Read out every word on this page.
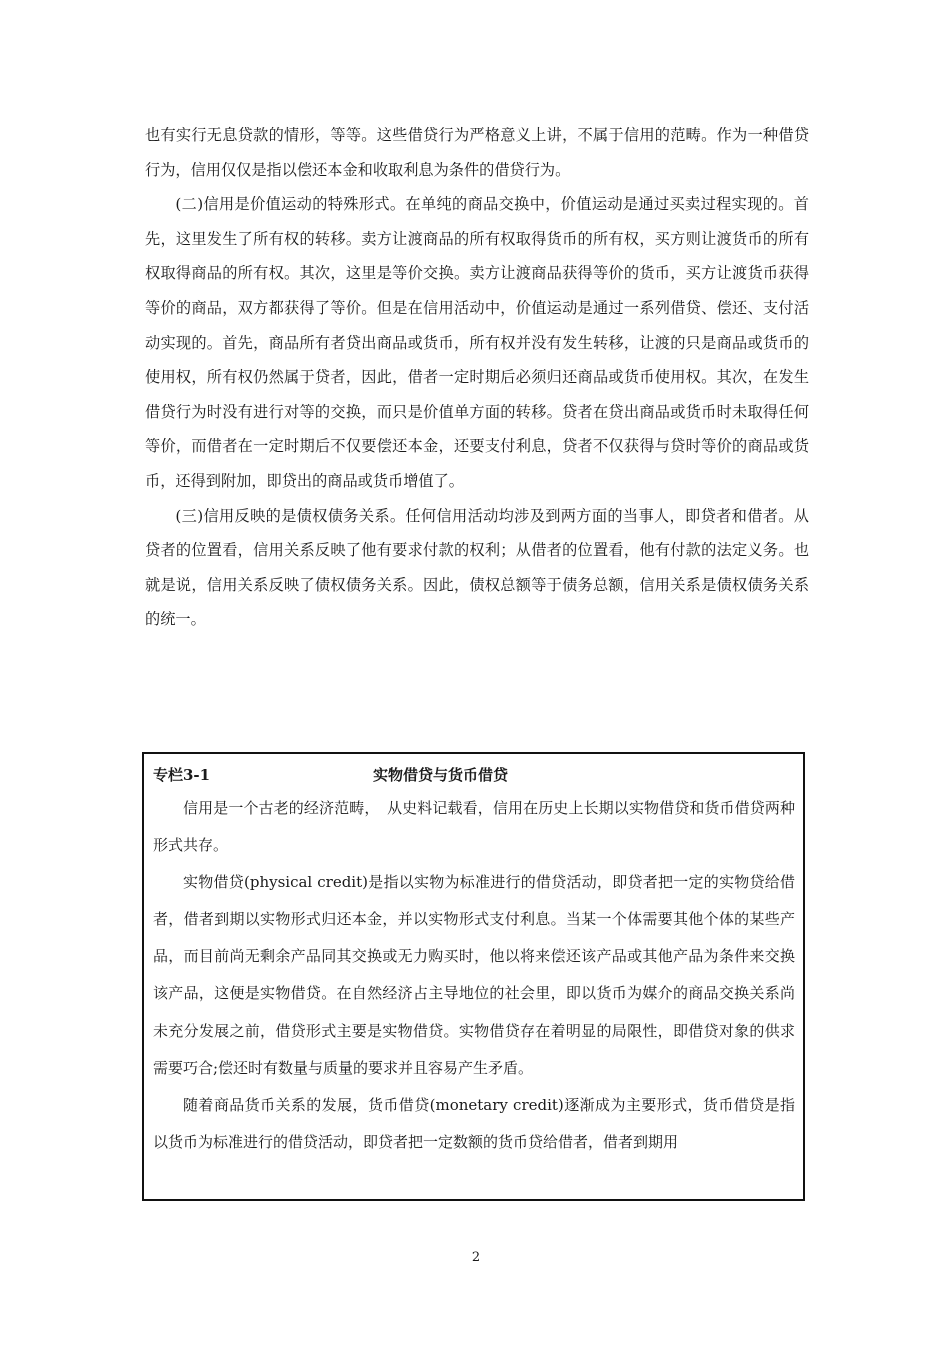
也有实行无息贷款的情形，等等。这些借贷行为严格意义上讲，不属于信用的范畴。作为一种借贷行为，信用仅仅是指以偿还本金和收取利息为条件的借贷行为。

(二)信用是价值运动的特殊形式。在单纯的商品交换中，价值运动是通过买卖过程实现的。首先，这里发生了所有权的转移。卖方让渡商品的所有权取得货币的所有权，买方则让渡货币的所有权取得商品的所有权。其次，这里是等价交换。卖方让渡商品获得等价的货币，买方让渡货币获得等价的商品，双方都获得了等价。但是在信用活动中，价值运动是通过一系列借贷、偿还、支付活动实现的。首先，商品所有者贷出商品或货币，所有权并没有发生转移，让渡的只是商品或货币的使用权，所有权仍然属于贷者，因此，借者一定时期后必须归还商品或货币使用权。其次，在发生借贷行为时没有进行对等的交换，而只是价值单方面的转移。贷者在贷出商品或货币时未取得任何等价，而借者在一定时期后不仅要偿还本金，还要支付利息，贷者不仅获得与贷时等价的商品或货币，还得到附加，即贷出的商品或货币增值了。

(三)信用反映的是债权债务关系。任何信用活动均涉及到两方面的当事人，即贷者和借者。从贷者的位置看，信用关系反映了他有要求付款的权利；从借者的位置看，他有付款的法定义务。也就是说，信用关系反映了债权债务关系。因此，债权总额等于债务总额，信用关系是债权债务关系的统一。

专栏3-1	实物借贷与货币借贷

信用是一个古老的经济范畴，　从史料记载看，信用在历史上长期以实物借贷和货币借贷两种形式共存。

实物借贷(physical credit)是指以实物为标准进行的借贷活动，即贷者把一定的实物贷给借者，借者到期以实物形式归还本金，并以实物形式支付利息。当某一个体需要其他个体的某些产品，而目前尚无剩余产品同其交换或无力购买时，他以将来偿还该产品或其他产品为条件来交换该产品，这便是实物借贷。在自然经济占主导地位的社会里，即以货币为媒介的商品交换关系尚未充分发展之前，借贷形式主要是实物借贷。实物借贷存在着明显的局限性，即借贷对象的供求需要巧合;偿还时有数量与质量的要求并且容易产生矛盾。

随着商品货币关系的发展，货币借贷(monetary credit)逐渐成为主要形式，货币借贷是指以货币为标准进行的借贷活动，即贷者把一定数额的货币贷给借者，借者到期用

2
